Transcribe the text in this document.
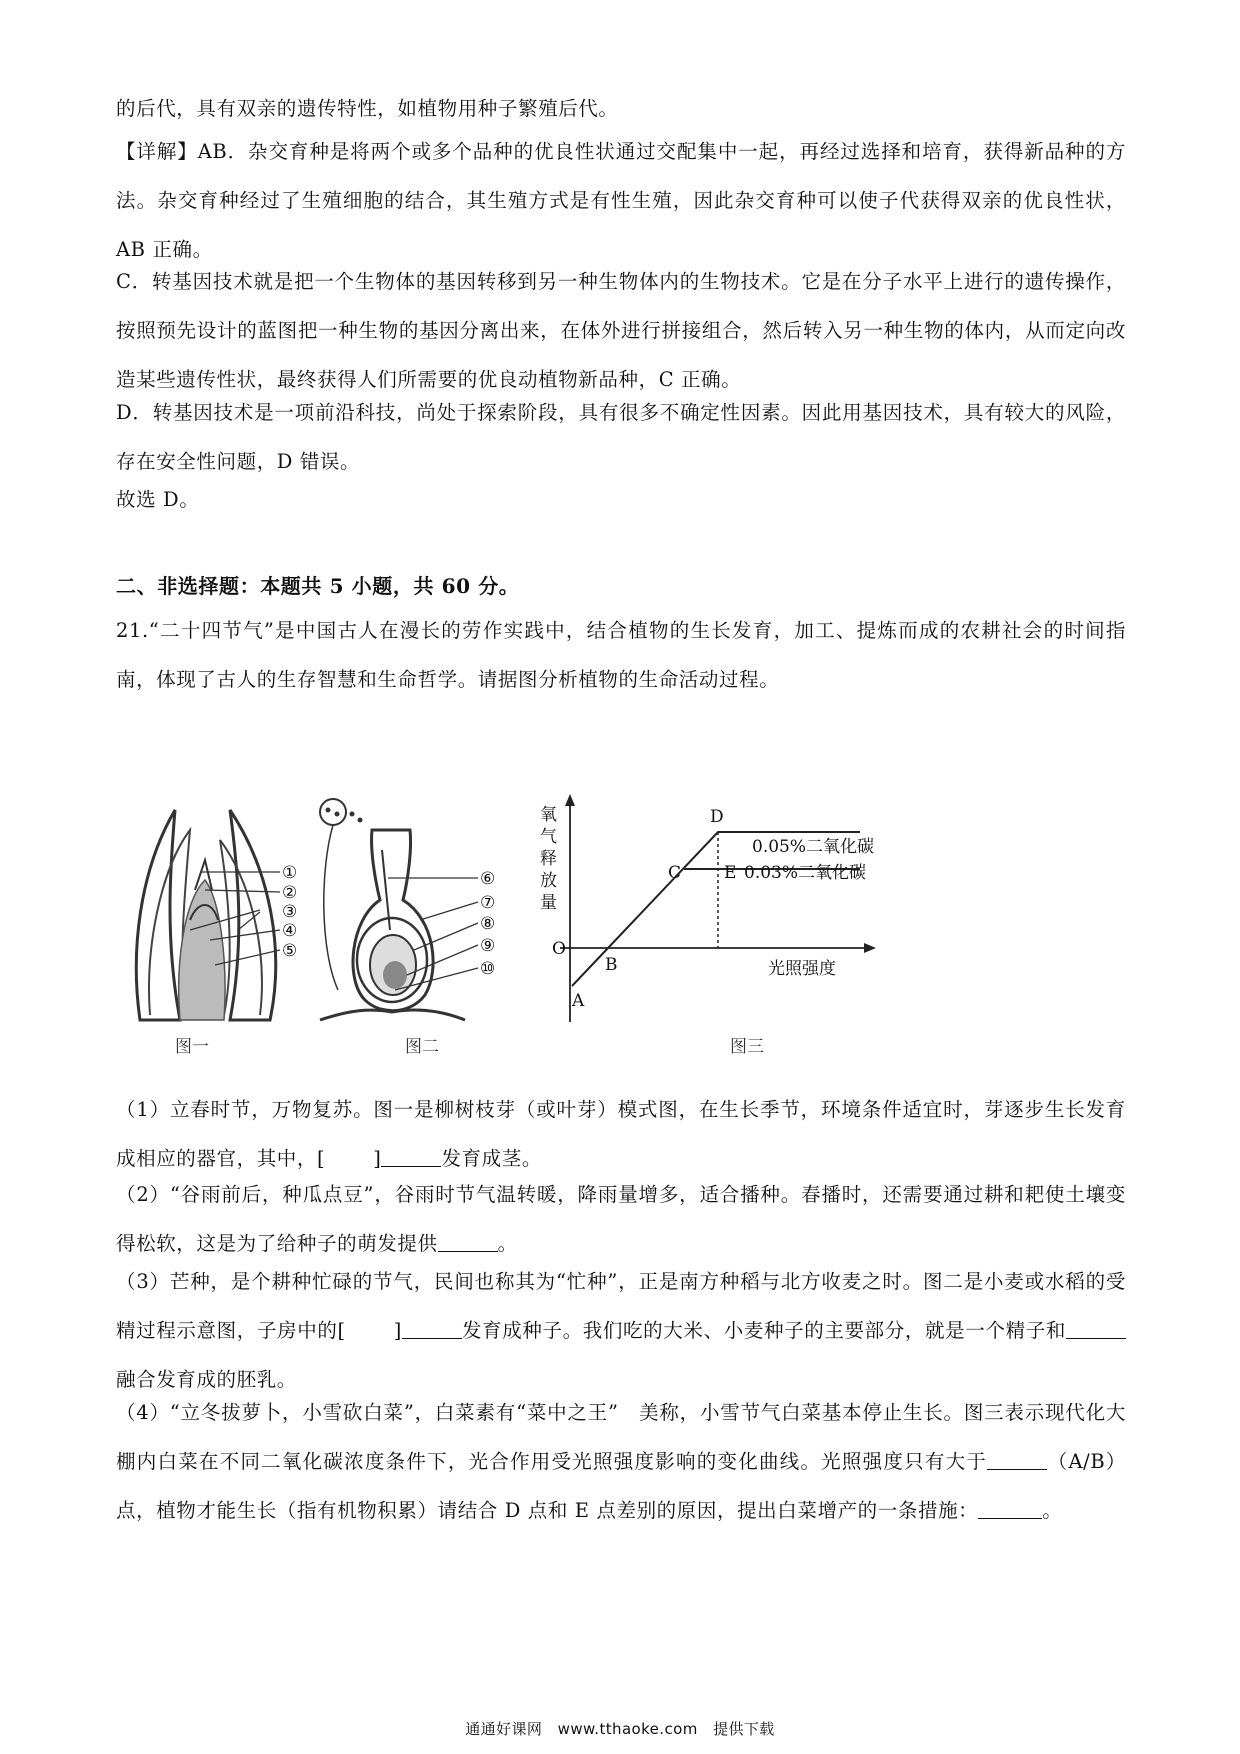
的后代，具有双亲的遗传特性，如植物用种子繁殖后代。
【详解】AB．杂交育种是将两个或多个品种的优良性状通过交配集中一起，再经过选择和培育，获得新品种的方法。杂交育种经过了生殖细胞的结合，其生殖方式是有性生殖，因此杂交育种可以使子代获得双亲的优良性状，AB 正确。
C．转基因技术就是把一个生物体的基因转移到另一种生物体内的生物技术。它是在分子水平上进行的遗传操作，按照预先设计的蓝图把一种生物的基因分离出来，在体外进行拼接组合，然后转入另一种生物的体内，从而定向改造某些遗传性状，最终获得人们所需要的优良动植物新品种，C 正确。
D．转基因技术是一项前沿科技，尚处于探索阶段，具有很多不确定性因素。因此用基因技术，具有较大的风险，存在安全性问题，D 错误。
故选 D。
二、非选择题：本题共 5 小题，共 60 分。
21.“二十四节气”是中国古人在漫长的劳作实践中，结合植物的生长发育，加工、提炼而成的农耕社会的时间指南，体现了古人的生存智慧和生命哲学。请据图分析植物的生命活动过程。
①
②
③
④
⑤
图一
⑥
⑦
⑧
⑨
⑩
图二
氧
气
释
放
量
O
光照强度
A
B
C
D
E
0.05%二氧化碳
0.03%二氧化碳
图三
（1）立春时节，万物复苏。图一是柳树枝芽（或叶芽）模式图，在生长季节，环境条件适宜时，芽逐步生长发育成相应的器官，其中，[ ]	发育成茎。
（2）“谷雨前后，种瓜点豆”，谷雨时节气温转暖，降雨量增多，适合播种。春播时，还需要通过耕和耙使土壤变得松软，这是为了给种子的萌发提供	。
（3）芒种，是个耕种忙碌的节气，民间也称其为“忙种”，正是南方种稻与北方收麦之时。图二是小麦或水稻的受精过程示意图，子房中的[ ]	发育成种子。我们吃的大米、小麦种子的主要部分，就是一个精子和融合发育成的胚乳。
（4）“立冬拔萝卜，小雪砍白菜”，白菜素有“菜中之王”　美称，小雪节气白菜基本停止生长。图三表示现代化大棚内白菜在不同二氧化碳浓度条件下，光合作用受光照强度影响的变化曲线。光照强度只有大于	（A/B）点，植物才能生长（指有机物积累）请结合 D 点和 E 点差别的原因，提出白菜增产的一条措施：	。
通通好课网　www.tthaoke.com　提供下载
